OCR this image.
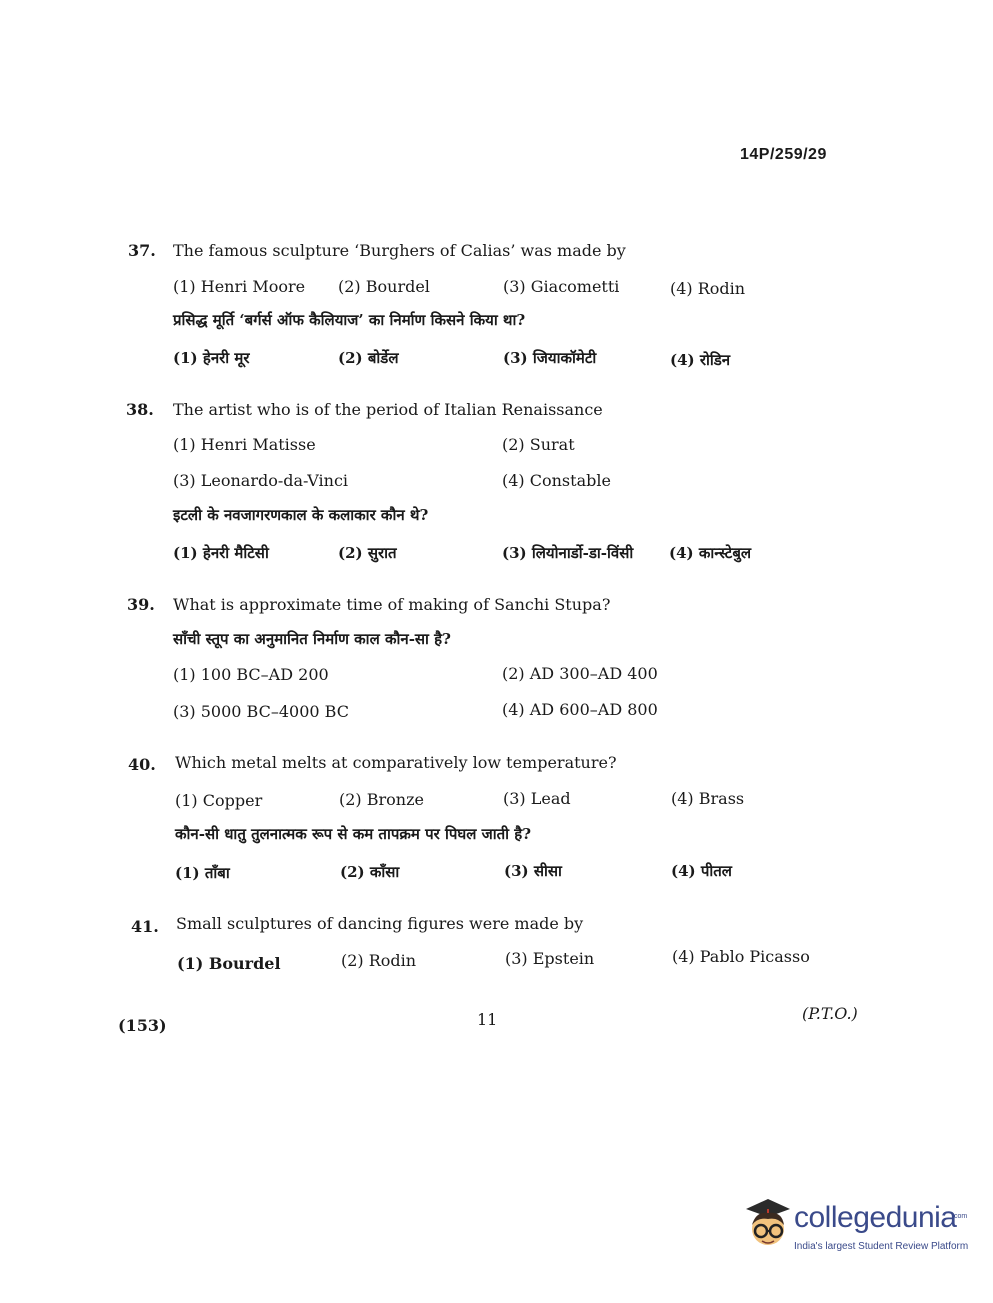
14P/259/29
37. The famous sculpture ‘Burghers of Calias’ was made by
(1) Henri Moore (2) Bourdel	(3) Giacometti	(4) Rodin
प्रसिद्ध मूर्ति ‘बर्गर्स ऑफ कैलियाज’ का निर्माण किसने किया था?
(1) हेनरी मूर	(2) बोर्डेल	(3) जियाकॉमेटी	(4) रोडिन
38. The artist who is of the period of Italian Renaissance
(1) Henri Matisse	(2) Surat
(3) Leonardo-da-Vinci	(4) Constable
इटली के नवजागरणकाल के कलाकार कौन थे?
(1) हेनरी मैटिसी	(2) सुरात	(3) लियोनार्डो-डा-विंसी (4) कान्स्टेबुल
39. What is approximate time of making of Sanchi Stupa?
साँची स्तूप का अनुमानित निर्माण काल कौन-सा है?
(1) 100 BC–AD 200	(2) AD 300–AD 400
(3) 5000 BC–4000 BC	(4) AD 600–AD 800
40. Which metal melts at comparatively low temperature?
(1) Copper	(2) Bronze	(3) Lead	(4) Brass
कौन-सी धातु तुलनात्मक रूप से कम तापक्रम पर पिघल जाती है?
(1) ताँबा	(2) काँसा	(3) सीसा	(4) पीतल
41. Small sculptures of dancing figures were made by
(1) Bourdel	(2) Rodin	(3) Epstein	(4) Pablo Picasso
(153)	11	(P.T.O.)
collegedunia
.com
India's largest Student Review Platform
